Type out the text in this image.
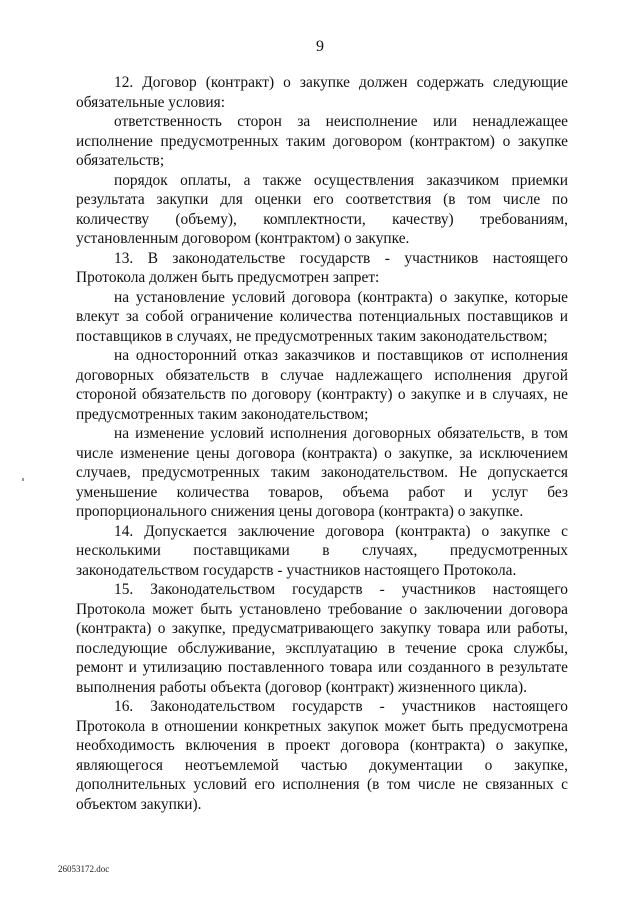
9

12. Договор (контракт) о закупке должен содержать следующие обязательные условия:

ответственность сторон за неисполнение или ненадлежащее исполнение предусмотренных таким договором (контрактом) о закупке обязательств;

порядок оплаты, а также осуществления заказчиком приемки результата закупки для оценки его соответствия (в том числе по количеству (объему), комплектности, качеству) требованиям, установленным договором (контрактом) о закупке.

13. В законодательстве государств - участников настоящего Протокола должен быть предусмотрен запрет:

на установление условий договора (контракта) о закупке, которые влекут за собой ограничение количества потенциальных поставщиков и поставщиков в случаях, не предусмотренных таким законодательством;

на односторонний отказ заказчиков и поставщиков от исполнения договорных обязательств в случае надлежащего исполнения другой стороной обязательств по договору (контракту) о закупке и в случаях, не предусмотренных таким законодательством;

на изменение условий исполнения договорных обязательств, в том числе изменение цены договора (контракта) о закупке, за исключением случаев, предусмотренных таким законодательством. Не допускается уменьшение количества товаров, объема работ и услуг без пропорционального снижения цены договора (контракта) о закупке.

14. Допускается заключение договора (контракта) о закупке с несколькими поставщиками в случаях, предусмотренных законодательством государств - участников настоящего Протокола.

15. Законодательством государств - участников настоящего Протокола может быть установлено требование о заключении договора (контракта) о закупке, предусматривающего закупку товара или работы, последующие обслуживание, эксплуатацию в течение срока службы, ремонт и утилизацию поставленного товара или созданного в результате выполнения работы объекта (договор (контракт) жизненного цикла).

16. Законодательством государств - участников настоящего Протокола в отношении конкретных закупок может быть предусмотрена необходимость включения в проект договора (контракта) о закупке, являющегося неотъемлемой частью документации о закупке, дополнительных условий его исполнения (в том числе не связанных с объектом закупки).

26053172.doc
